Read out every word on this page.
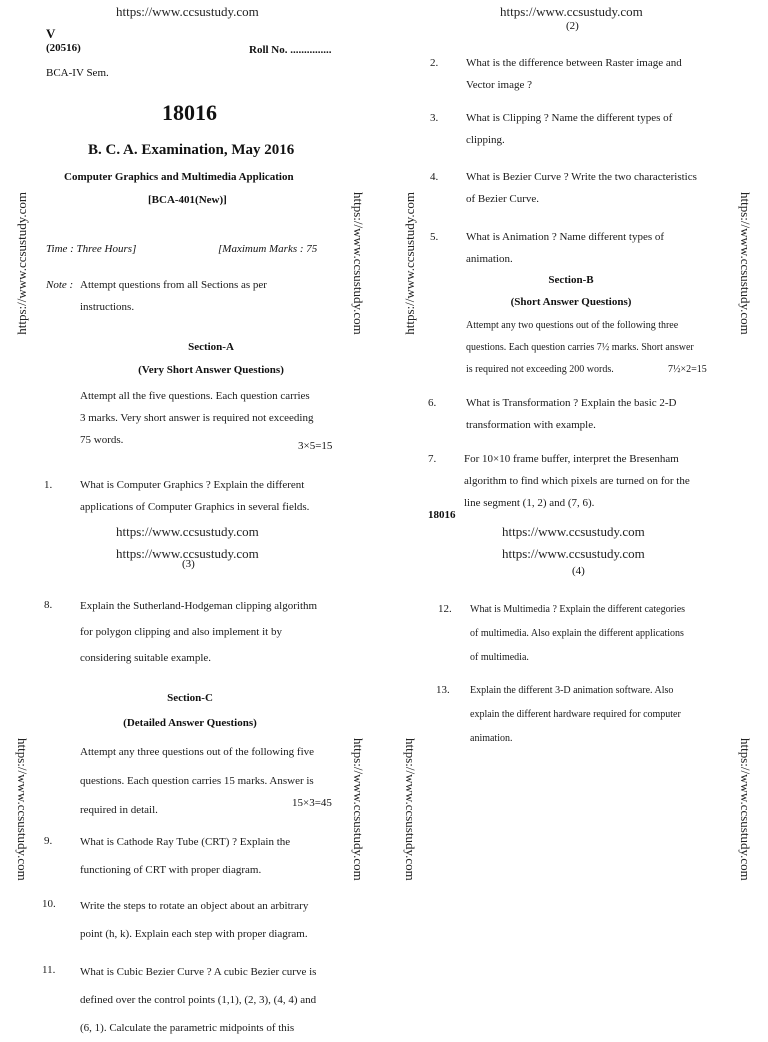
https://www.ccsustudy.com	https://www.ccsustudy.com
(2)
V
(20516)	Roll No. ...............
BCA-IV Sem.
18016
B. C. A. Examination, May 2016
Computer Graphics and Multimedia Application
[BCA-401(New)]
Time : Three Hours]	[Maximum Marks : 75
Note : Attempt questions from all Sections as per
instructions.
Section-A
(Very Short Answer Questions)
Attempt all the five questions. Each question carries
3 marks. Very short answer is required not exceeding
75 words.	3×5=15
1.	What is Computer Graphics ? Explain the different
applications of Computer Graphics in several fields.
https://www.ccsustudy.com
https://www.ccsustudy.com
(3)
2.	What is the difference between Raster image and
Vector image ?
3.	What is Clipping ? Name the different types of
clipping.
4.	What is Bezier Curve ? Write the two characteristics
of Bezier Curve.
5.	What is Animation ? Name different types of
animation.
Section-B
(Short Answer Questions)
Attempt any two questions out of the following three
questions. Each question carries 7½ marks. Short answer
is required not exceeding 200 words.	7½×2=15
6.	What is Transformation ? Explain the basic 2-D
transformation with example.
7.	For 10×10 frame buffer, interpret the Bresenham
algorithm to find which pixels are turned on for the
line segment (1, 2) and (7, 6).
18016
https://www.ccsustudy.com
https://www.ccsustudy.com
(4)
8.	Explain the Sutherland-Hodgeman clipping algorithm
for polygon clipping and also implement it by
considering suitable example.
Section-C
(Detailed Answer Questions)
Attempt any three questions out of the following five
questions. Each question carries 15 marks. Answer is
required in detail.
15×3=45
9.	What is Cathode Ray Tube (CRT) ? Explain the
functioning of CRT with proper diagram.
10. Write the steps to rotate an object about an arbitrary
point (h, k). Explain each step with proper diagram.
11. What is Cubic Bezier Curve ? A cubic Bezier curve is
defined over the control points (1,1), (2, 3), (4, 4) and
(6, 1). Calculate the parametric midpoints of this
12. What is Multimedia ? Explain the different categories
of multimedia. Also explain the different applications
of multimedia.
13. Explain the different 3-D animation software. Also
explain the different hardware required for computer
animation.
https://www.ccsustudy.com	https://www.ccsustudy.com	https://www.ccsustudy.com	https://www.ccsustudy.com
https://www.ccsustudy.com	https://www.ccsustudy.com	https://www.ccsustudy.com	https://www.ccsustudy.com
